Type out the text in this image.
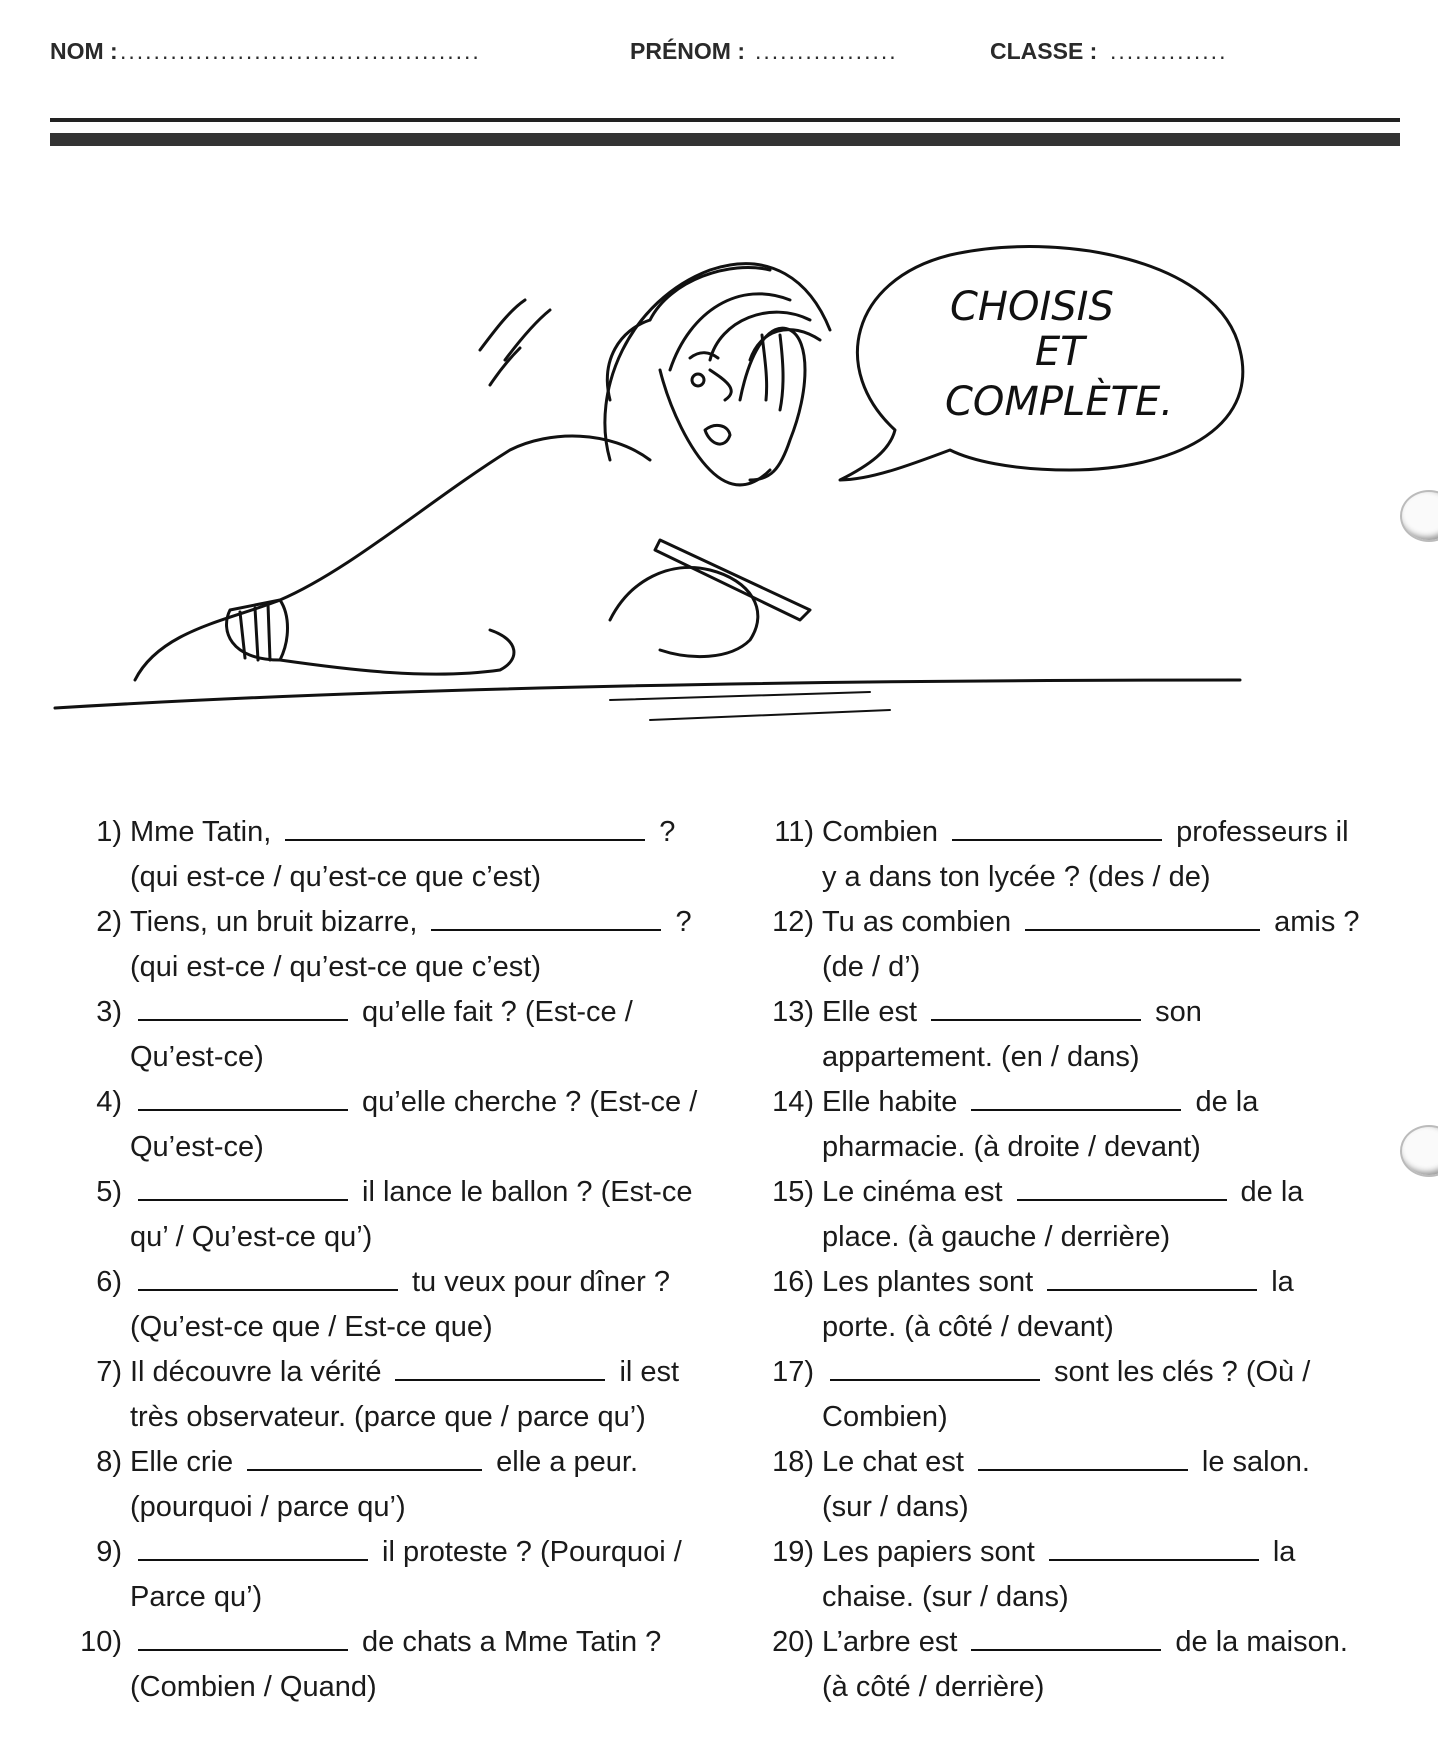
NOM : ...........................................	PRÉNOM : .................	CLASSE : ..............
CHOISIS
ET
COMPLÈTE.
1) Mme Tatin,	?
(qui est-ce / qu’est-ce que c’est)
2) Tiens, un bruit bizarre,	?
(qui est-ce / qu’est-ce que c’est)
3)	qu’elle fait ? (Est-ce /
Qu’est-ce)
4)	qu’elle cherche ? (Est-ce /
Qu’est-ce)
5)	il lance le ballon ? (Est-ce
qu’ / Qu’est-ce qu’)
6)	tu veux pour dîner ?
(Qu’est-ce que / Est-ce que)
7) Il découvre la vérité	il est
très observateur. (parce que / parce qu’)
8) Elle crie	elle a peur.
(pourquoi / parce qu’)
9)	il proteste ? (Pourquoi /
Parce qu’)
10)	de chats a Mme Tatin ?
(Combien / Quand)
11) Combien	professeurs il
y a dans ton lycée ? (des / de)
12) Tu as combien	amis ?
(de / d’)
13) Elle est	son
appartement. (en / dans)
14) Elle habite	de la
pharmacie. (à droite / devant)
15) Le cinéma est	de la
place. (à gauche / derrière)
16) Les plantes sont	la
porte. (à côté / devant)
17)	sont les clés ? (Où /
Combien)
18) Le chat est	le salon.
(sur / dans)
19) Les papiers sont	la
chaise. (sur / dans)
20) L’arbre est	de la maison.
(à côté / derrière)
